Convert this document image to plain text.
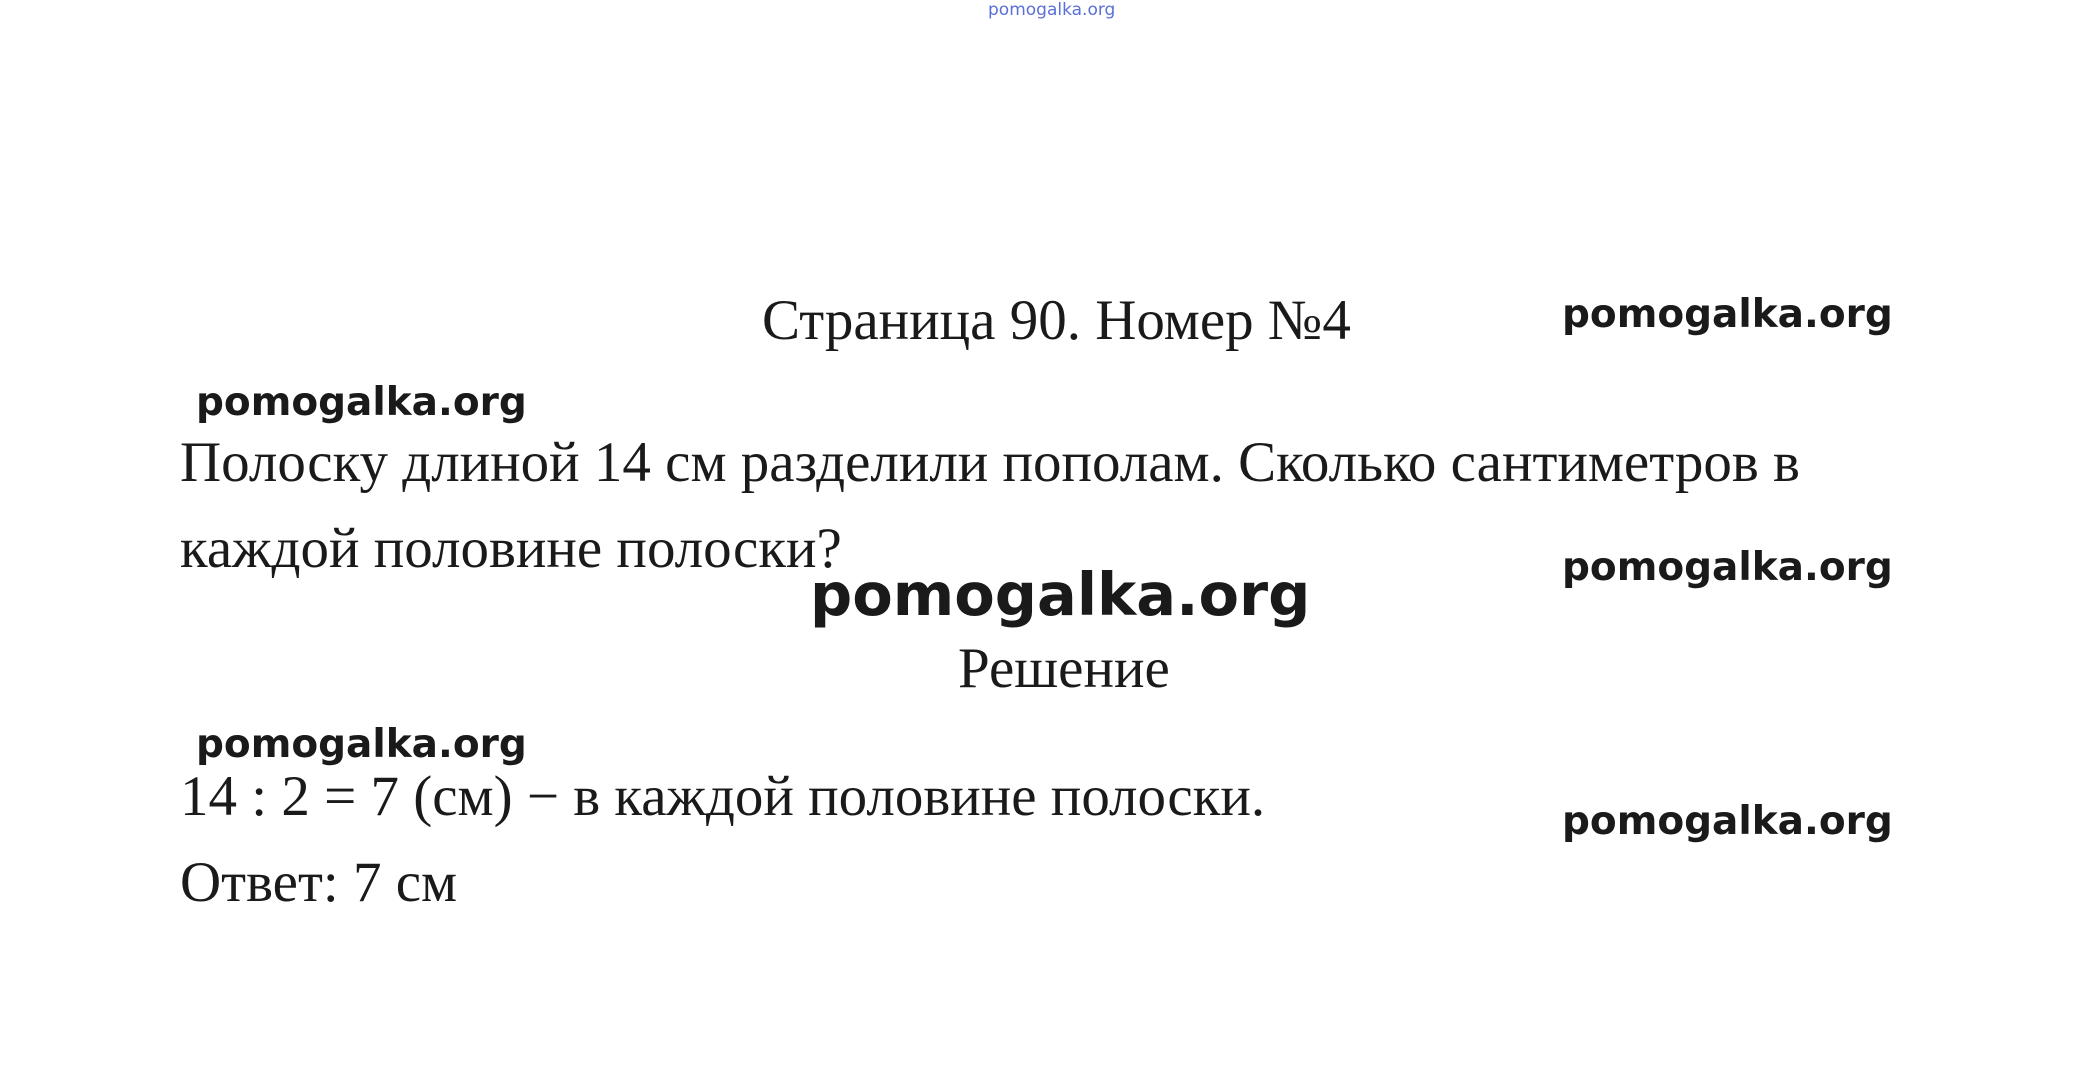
pomogalka.org
Страница 90. Номер №4	pomogalka.org
pomogalka.org
Полоску длиной 14 см разделили пополам. Сколько сантиметров в каждой половине полоски?	pomogalka.org
pomogalka.org
Решение
pomogalka.org
14 : 2 = 7 (см) − в каждой половине полоски.	pomogalka.org
Ответ: 7 см
